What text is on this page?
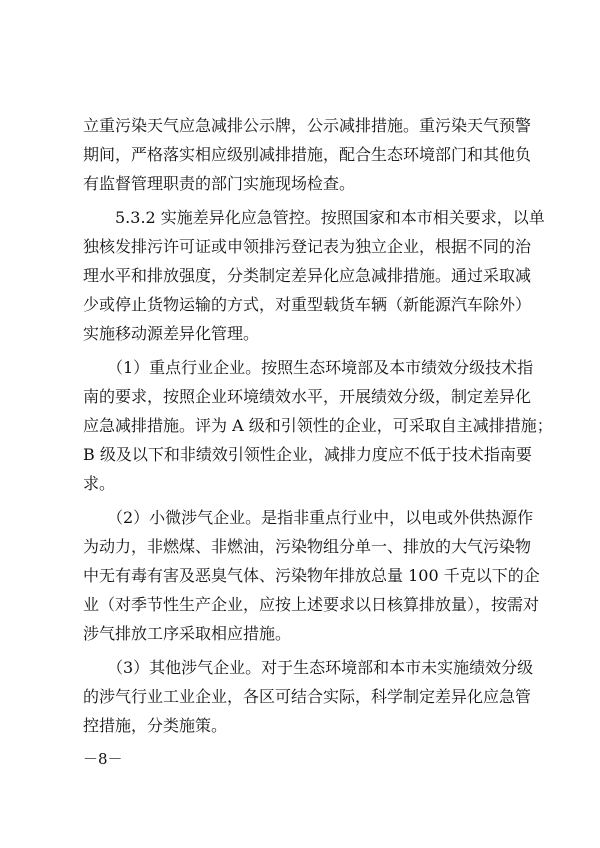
立重污染天气应急减排公示牌，公示减排措施。重污染天气预警
期间，严格落实相应级别减排措施，配合生态环境部门和其他负
有监督管理职责的部门实施现场检查。

　　5.3.2 实施差异化应急管控。按照国家和本市相关要求，以单
独核发排污许可证或申领排污登记表为独立企业，根据不同的治
理水平和排放强度，分类制定差异化应急减排措施。通过采取减
少或停止货物运输的方式，对重型载货车辆（新能源汽车除外）
实施移动源差异化管理。

　　（1）重点行业企业。按照生态环境部及本市绩效分级技术指
南的要求，按照企业环境绩效水平，开展绩效分级，制定差异化
应急减排措施。评为 A 级和引领性的企业，可采取自主减排措施；
B 级及以下和非绩效引领性企业，减排力度应不低于技术指南要
求。

　　（2）小微涉气企业。是指非重点行业中，以电或外供热源作
为动力，非燃煤、非燃油，污染物组分单一、排放的大气污染物
中无有毒有害及恶臭气体、污染物年排放总量 100 千克以下的企
业（对季节性生产企业，应按上述要求以日核算排放量），按需对
涉气排放工序采取相应措施。

　　（3）其他涉气企业。对于生态环境部和本市未实施绩效分级
的涉气行业工业企业，各区可结合实际，科学制定差异化应急管
控措施，分类施策。

－8－
